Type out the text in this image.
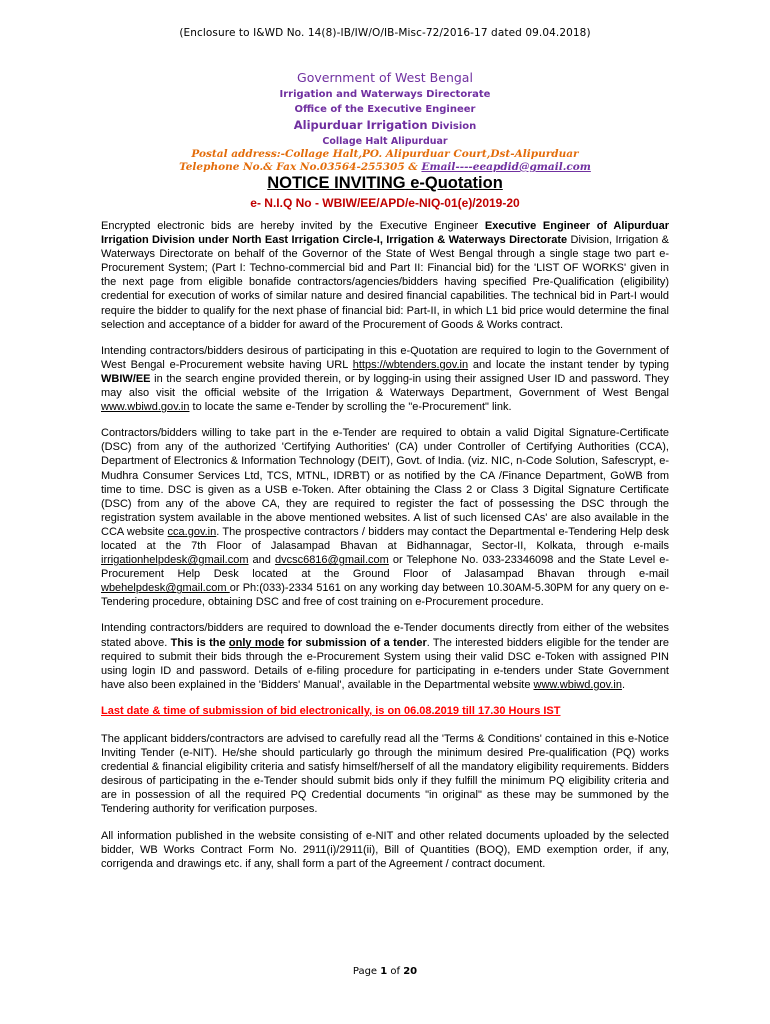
(Enclosure to I&WD No. 14(8)-IB/IW/O/IB-Misc-72/2016-17 dated 09.04.2018)
Government of West Bengal
Irrigation and Waterways Directorate
Office of the Executive Engineer
Alipurduar Irrigation Division
Collage Halt Alipurduar
Postal address:-Collage Halt,PO. Alipurduar Court,Dst-Alipurduar
Telephone No.& Fax No.03564-255305 & Email----eeapdid@gmail.com
NOTICE INVITING e-Quotation
e- N.I.Q No - WBIW/EE/APD/e-NIQ-01(e)/2019-20

Encrypted electronic bids are hereby invited by the Executive Engineer Executive Engineer of Alipurduar Irrigation Division under North East Irrigation Circle-I, Irrigation & Waterways Directorate Division, Irrigation & Waterways Directorate on behalf of the Governor of the State of West Bengal through a single stage two part e-Procurement System; (Part I: Techno-commercial bid and Part II: Financial bid) for the 'LIST OF WORKS' given in the next page from eligible bonafide contractors/agencies/bidders having specified Pre-Qualification (eligibility) credential for execution of works of similar nature and desired financial capabilities. The technical bid in Part-I would require the bidder to qualify for the next phase of financial bid: Part-II, in which L1 bid price would determine the final selection and acceptance of a bidder for award of the Procurement of Goods & Works contract.

Intending contractors/bidders desirous of participating in this e-Quotation are required to login to the Government of West Bengal e-Procurement website having URL https://wbtenders.gov.in and locate the instant tender by typing WBIW/EE in the search engine provided therein, or by logging-in using their assigned User ID and password. They may also visit the official website of the Irrigation & Waterways Department, Government of West Bengal www.wbiwd.gov.in to locate the same e-Tender by scrolling the "e-Procurement" link.

Contractors/bidders willing to take part in the e-Tender are required to obtain a valid Digital Signature-Certificate (DSC) from any of the authorized 'Certifying Authorities' (CA) under Controller of Certifying Authorities (CCA), Department of Electronics & Information Technology (DEIT), Govt. of India. (viz. NIC, n-Code Solution, Safescrypt, e-Mudhra Consumer Services Ltd, TCS, MTNL, IDRBT) or as notified by the CA /Finance Department, GoWB from time to time. DSC is given as a USB e-Token. After obtaining the Class 2 or Class 3 Digital Signature Certificate (DSC) from any of the above CA, they are required to register the fact of possessing the DSC through the registration system available in the above mentioned websites. A list of such licensed CAs' are also available in the CCA website cca.gov.in. The prospective contractors / bidders may contact the Departmental e-Tendering Help desk located at the 7th Floor of Jalasampad Bhavan at Bidhannagar, Sector-II, Kolkata, through e-mails irrigationhelpdesk@gmail.com and dvcsc6816@gmail.com or Telephone No. 033-23346098 and the State Level e-Procurement Help Desk located at the Ground Floor of Jalasampad Bhavan through e-mail wbehelpdesk@gmail.com or Ph:(033)-2334 5161 on any working day between 10.30AM-5.30PM for any query on e-Tendering procedure, obtaining DSC and free of cost training on e-Procurement procedure.

Intending contractors/bidders are required to download the e-Tender documents directly from either of the websites stated above. This is the only mode for submission of a tender. The interested bidders eligible for the tender are required to submit their bids through the e-Procurement System using their valid DSC e-Token with assigned PIN using login ID and password. Details of e-filing procedure for participating in e-tenders under State Government have also been explained in the 'Bidders' Manual', available in the Departmental website www.wbiwd.gov.in.

Last date & time of submission of bid electronically, is on 06.08.2019 till 17.30 Hours IST

The applicant bidders/contractors are advised to carefully read all the 'Terms & Conditions' contained in this e-Notice Inviting Tender (e-NIT). He/she should particularly go through the minimum desired Pre-qualification (PQ) works credential & financial eligibility criteria and satisfy himself/herself of all the mandatory eligibility requirements. Bidders desirous of participating in the e-Tender should submit bids only if they fulfill the minimum PQ eligibility criteria and are in possession of all the required PQ Credential documents "in original" as these may be summoned by the Tendering authority for verification purposes.

All information published in the website consisting of e-NIT and other related documents uploaded by the selected bidder, WB Works Contract Form No. 2911(i)/2911(ii), Bill of Quantities (BOQ), EMD exemption order, if any, corrigenda and drawings etc. if any, shall form a part of the Agreement / contract document.

Page 1 of 20
